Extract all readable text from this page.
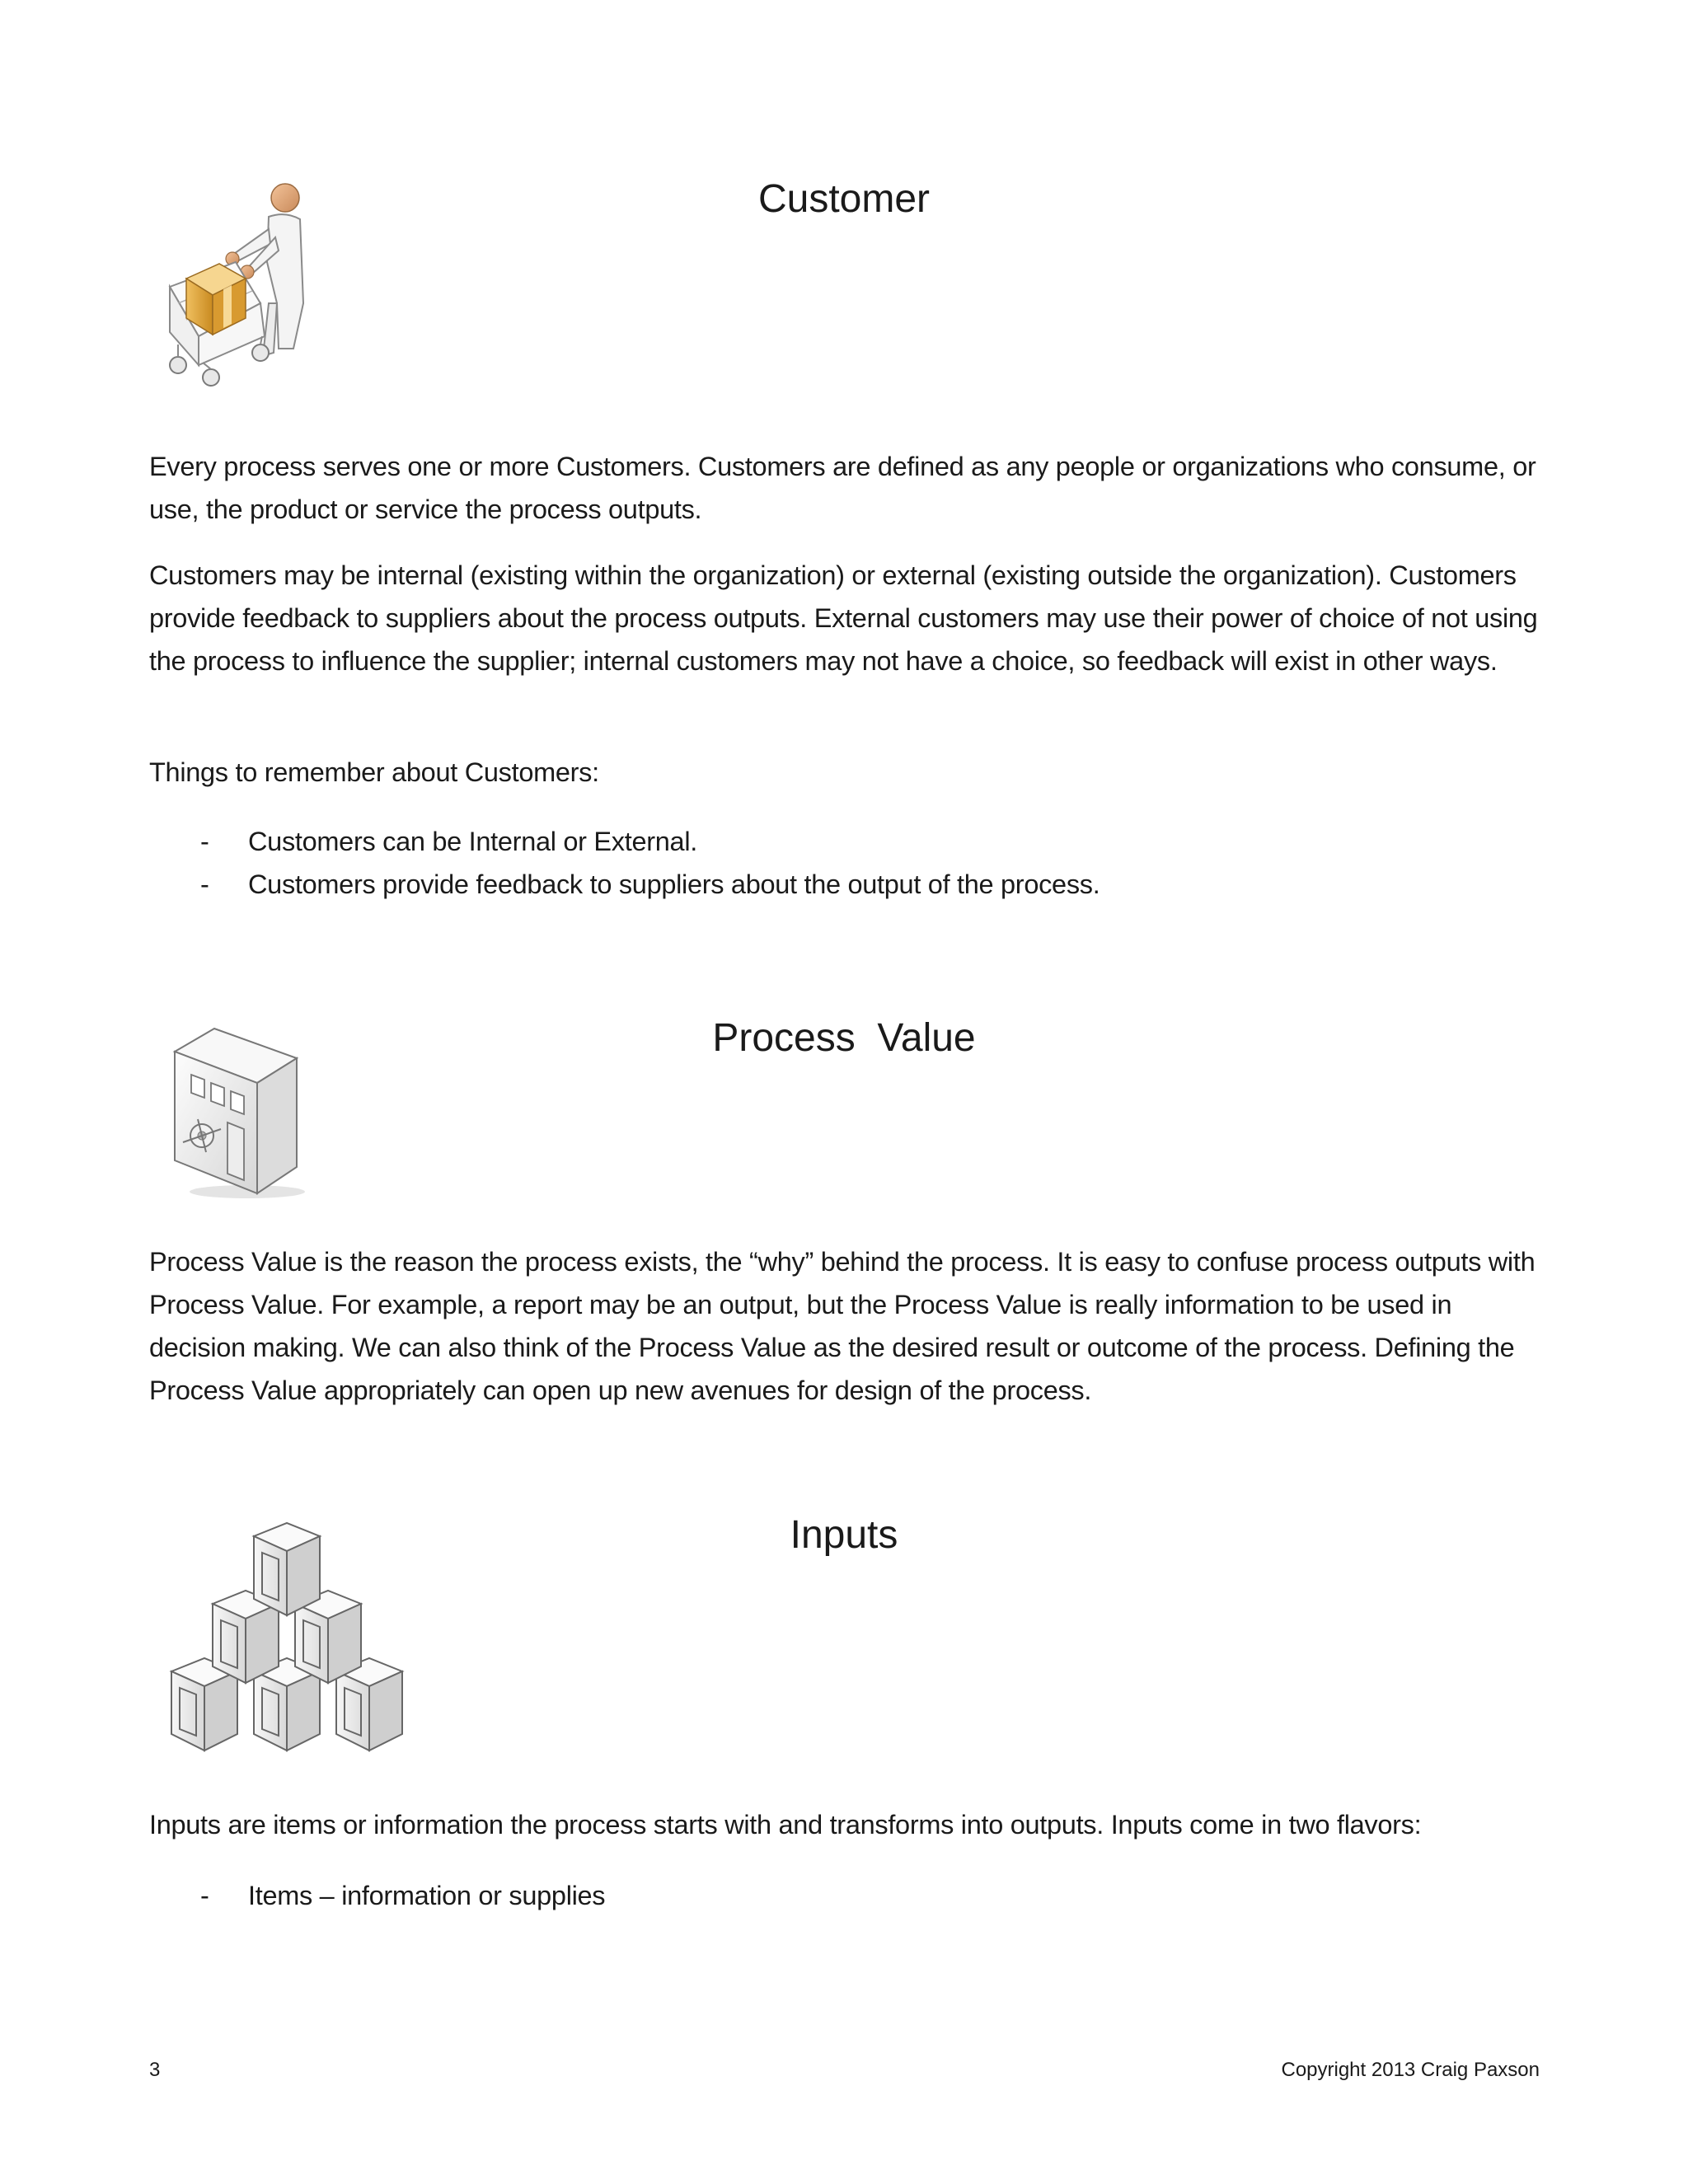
Customer

Every process serves one or more Customers. Customers are defined as any people or organizations who consume, or use, the product or service the process outputs.

Customers may be internal (existing within the organization) or external (existing outside the organization). Customers provide feedback to suppliers about the process outputs. External customers may use their power of choice of not using the process to influence the supplier; internal customers may not have a choice, so feedback will exist in other ways.

Things to remember about Customers:

- Customers can be Internal or External.
- Customers provide feedback to suppliers about the output of the process.
Process  Value

Process Value is the reason the process exists, the “why” behind the process. It is easy to confuse process outputs with Process Value. For example, a report may be an output, but the Process Value is really information to be used in decision making. We can also think of the Process Value as the desired result or outcome of the process. Defining the Process Value appropriately can open up new avenues for design of the process.

Inputs

Inputs are items or information the process starts with and transforms into outputs. Inputs come in two flavors:

- Items – information or supplies
3	Copyright 2013 Craig Paxson
